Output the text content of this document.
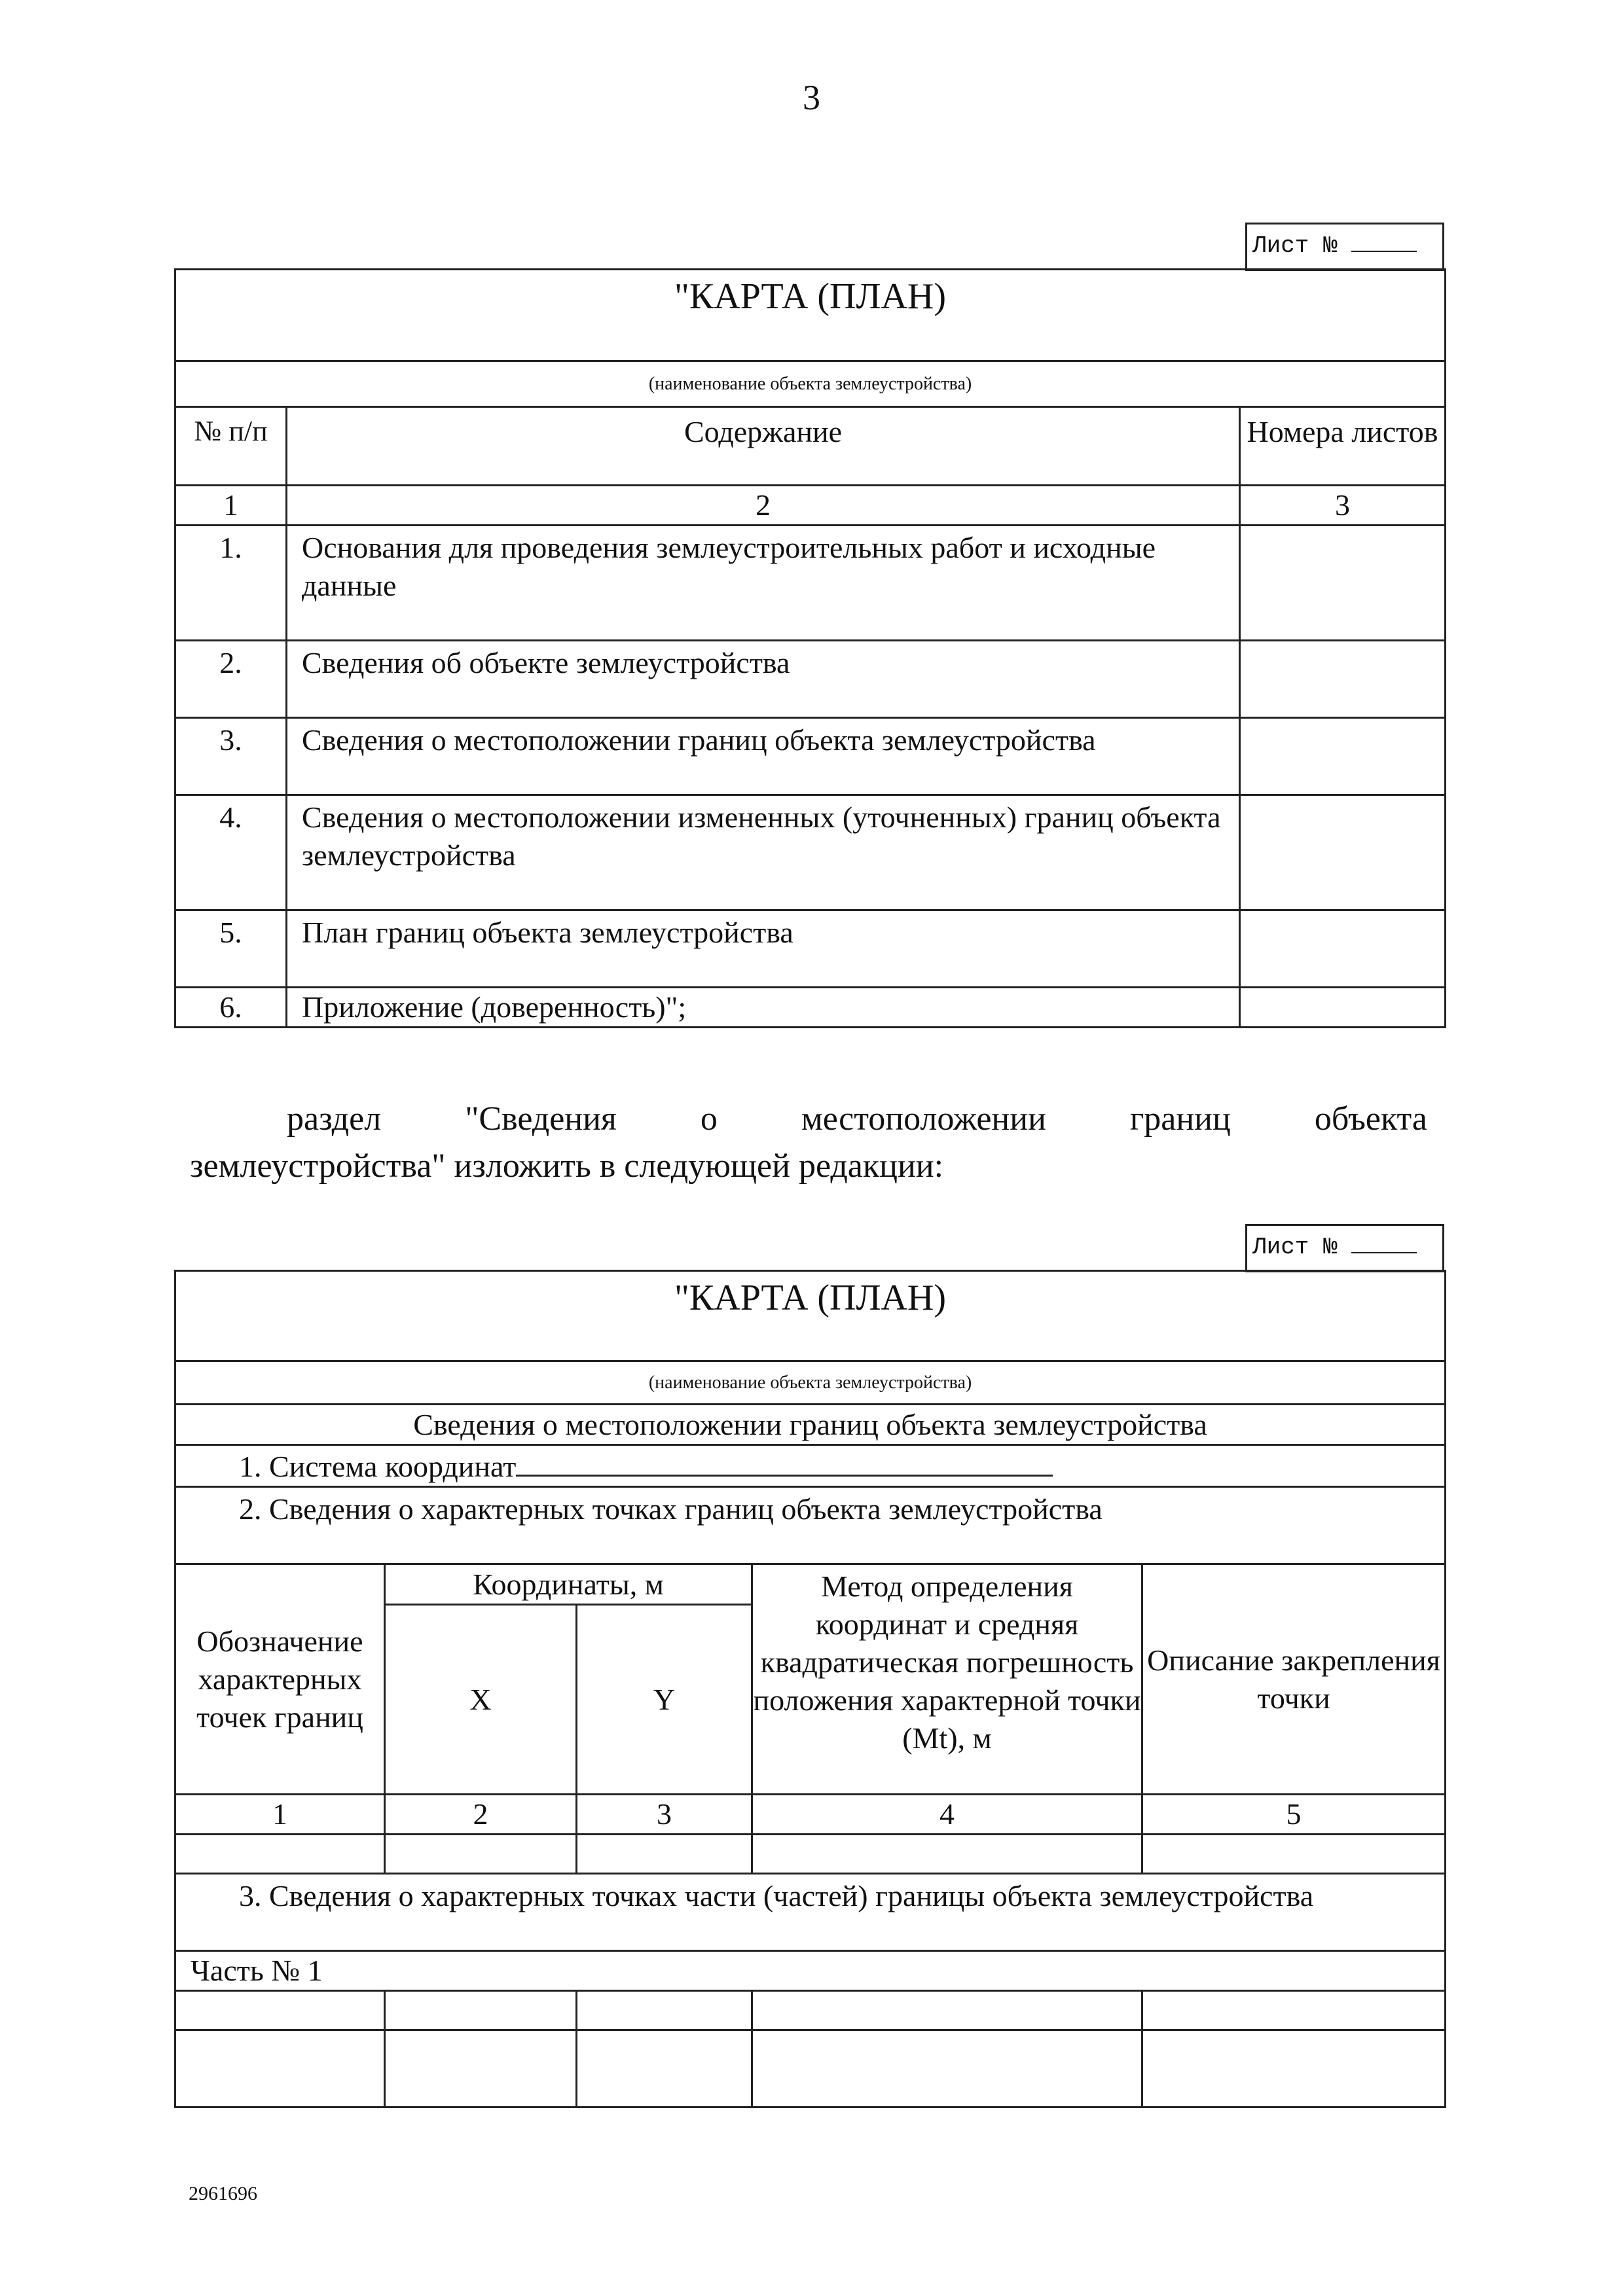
3
Лист №
"КАРТА (ПЛАН)		
(наименование объекта землеустройства)		
№ п/п	Содержание	Номера листов
1	2	3
1.	Основания для проведения землеустроительных работ и исходные данные	
2.	Сведения об объекте землеустройства	
3.	Сведения о местоположении границ объекта землеустройства	
4.	Сведения о местоположении измененных (уточненных) границ объекта землеустройства	
5.	План границ объекта землеустройства	
6.	Приложение (доверенность)";	
раздел "Сведения о местоположении границ объекта
землеустройства" изложить в следующей редакции:
Лист №
"КАРТА (ПЛАН)				
(наименование объекта землеустройства)				
Сведения о местоположении границ объекта землеустройства				
1. Система координат				
2. Сведения о характерных точках границ объекта землеустройства				
Обозначение характерных точек границ	Координаты, м		Метод определения координат и средняя квадратическая погрешность положения характерной точки (Mt), м	Описание закрепления точки
	X	Y		
1	2	3	4	5

3. Сведения о характерных точках части (частей) границы объекта землеустройства				
Часть № 1				

2961696
